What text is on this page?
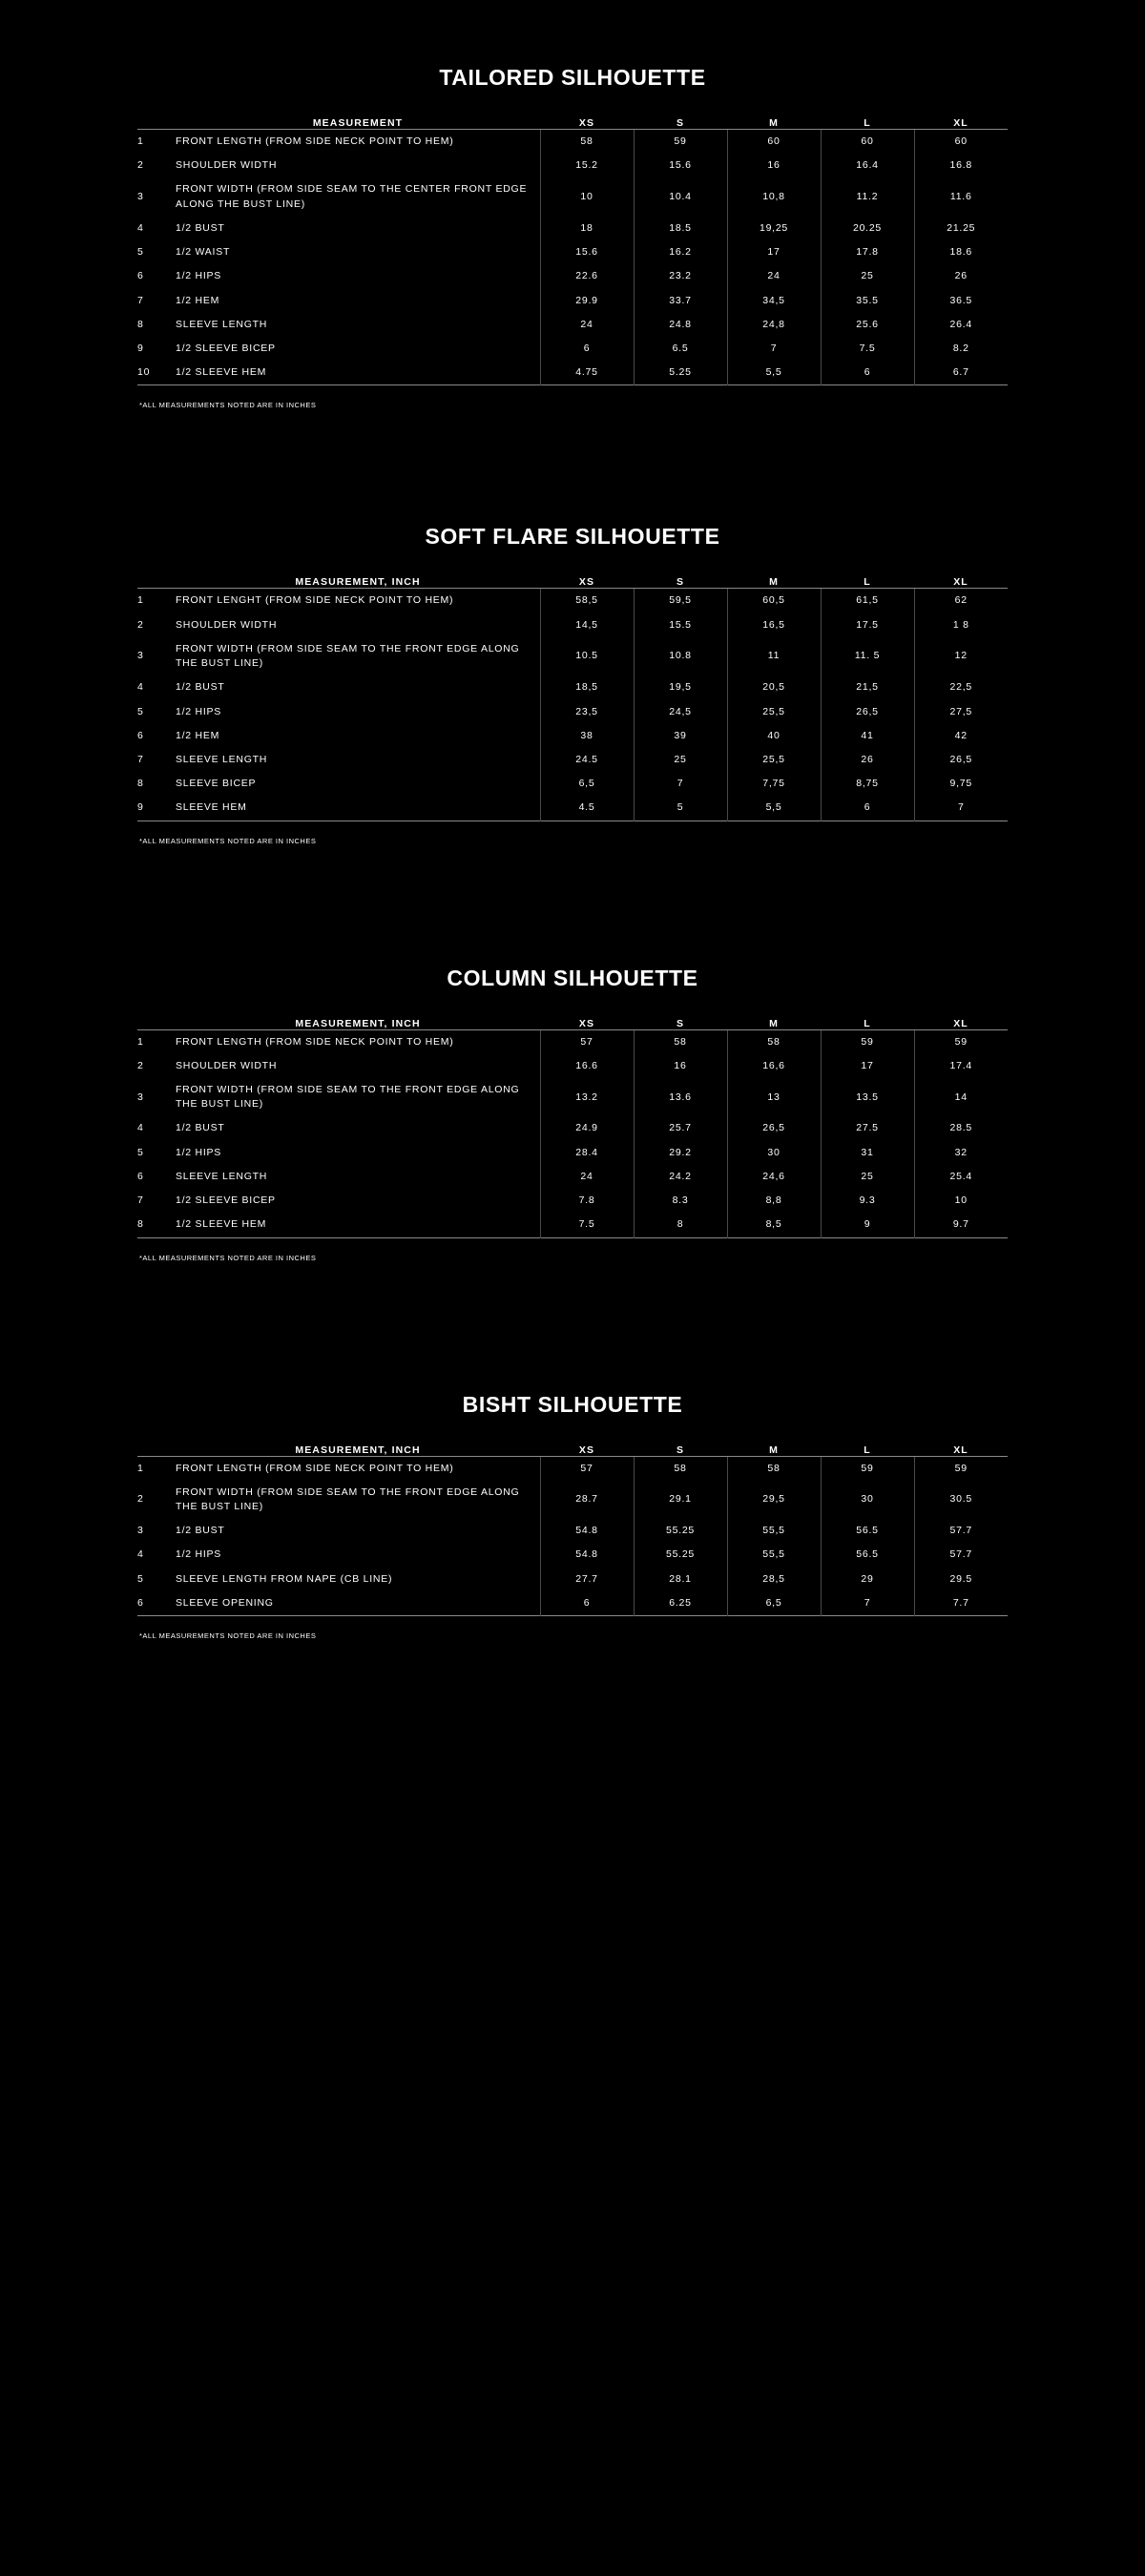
TAILORED SILHOUETTE
	MEASUREMENT	XS	S	M	L	XL

1	FRONT LENGTH (FROM SIDE NECK POINT TO HEM)	58	59	60	60	60
2	SHOULDER WIDTH	15.2	15.6	16	16.4	16.8
3	FRONT WIDTH (FROM SIDE SEAM TO THE CENTER FRONT EDGE ALONG THE BUST LINE)	10	10.4	10,8	11.2	11.6
4	1/2 BUST	18	18.5	19,25	20.25	21.25
5	1/2 WAIST	15.6	16.2	17	17.8	18.6
6	1/2 HIPS	22.6	23.2	24	25	26
7	1/2 HEM	29.9	33.7	34,5	35.5	36.5
8	SLEEVE LENGTH	24	24.8	24,8	25.6	26.4
9	1/2 SLEEVE BICEP	6	6.5	7	7.5	8.2
10	1/2 SLEEVE HEM	4.75	5.25	5,5	6	6.7

*ALL MEASUREMENTS NOTED ARE IN INCHES

SOFT FLARE SILHOUETTE
	MEASUREMENT, INCH	XS	S	M	L	XL

1	FRONT LENGHT (FROM SIDE NECK POINT TO HEM)	58,5	59,5	60,5	61,5	62
2	SHOULDER WIDTH	14,5	15.5	16,5	17.5	1 8
3	FRONT WIDTH (FROM SIDE SEAM TO THE FRONT EDGE ALONG THE BUST LINE)	10.5	10.8	11	11. 5	12
4	1/2 BUST	18,5	19,5	20,5	21,5	22,5
5	1/2 HIPS	23,5	24,5	25,5	26,5	27,5
6	1/2 HEM	38	39	40	41	42
7	SLEEVE LENGTH	24.5	25	25,5	26	26,5
8	SLEEVE BICEP	6,5	7	7,75	8,75	9,75
9	SLEEVE HEM	4.5	5	5,5	6	7

*ALL MEASUREMENTS NOTED ARE IN INCHES

COLUMN SILHOUETTE
	MEASUREMENT, INCH	XS	S	M	L	XL

1	FRONT LENGTH (FROM SIDE NECK POINT TO HEM)	57	58	58	59	59
2	SHOULDER WIDTH	16.6	16	16,6	17	17.4
3	FRONT WIDTH (FROM SIDE SEAM TO THE FRONT EDGE ALONG THE BUST LINE)	13.2	13.6	13	13.5	14
4	1/2 BUST	24.9	25.7	26,5	27.5	28.5
5	1/2 HIPS	28.4	29.2	30	31	32
6	SLEEVE LENGTH	24	24.2	24,6	25	25.4
7	1/2 SLEEVE BICEP	7.8	8.3	8,8	9.3	10
8	1/2 SLEEVE HEM	7.5	8	8,5	9	9.7

*ALL MEASUREMENTS NOTED ARE IN INCHES

BISHT SILHOUETTE
	MEASUREMENT, INCH	XS	S	M	L	XL

1	FRONT LENGTH (FROM SIDE NECK POINT TO HEM)	57	58	58	59	59
2	FRONT WIDTH (FROM SIDE SEAM TO THE FRONT EDGE ALONG THE BUST LINE)	28.7	29.1	29,5	30	30.5
3	1/2 BUST	54.8	55.25	55,5	56.5	57.7
4	1/2 HIPS	54.8	55.25	55,5	56.5	57.7
5	SLEEVE LENGTH FROM NAPE (CB LINE)	27.7	28.1	28,5	29	29.5
6	SLEEVE OPENING	6	6.25	6,5	7	7.7

*ALL MEASUREMENTS NOTED ARE IN INCHES
